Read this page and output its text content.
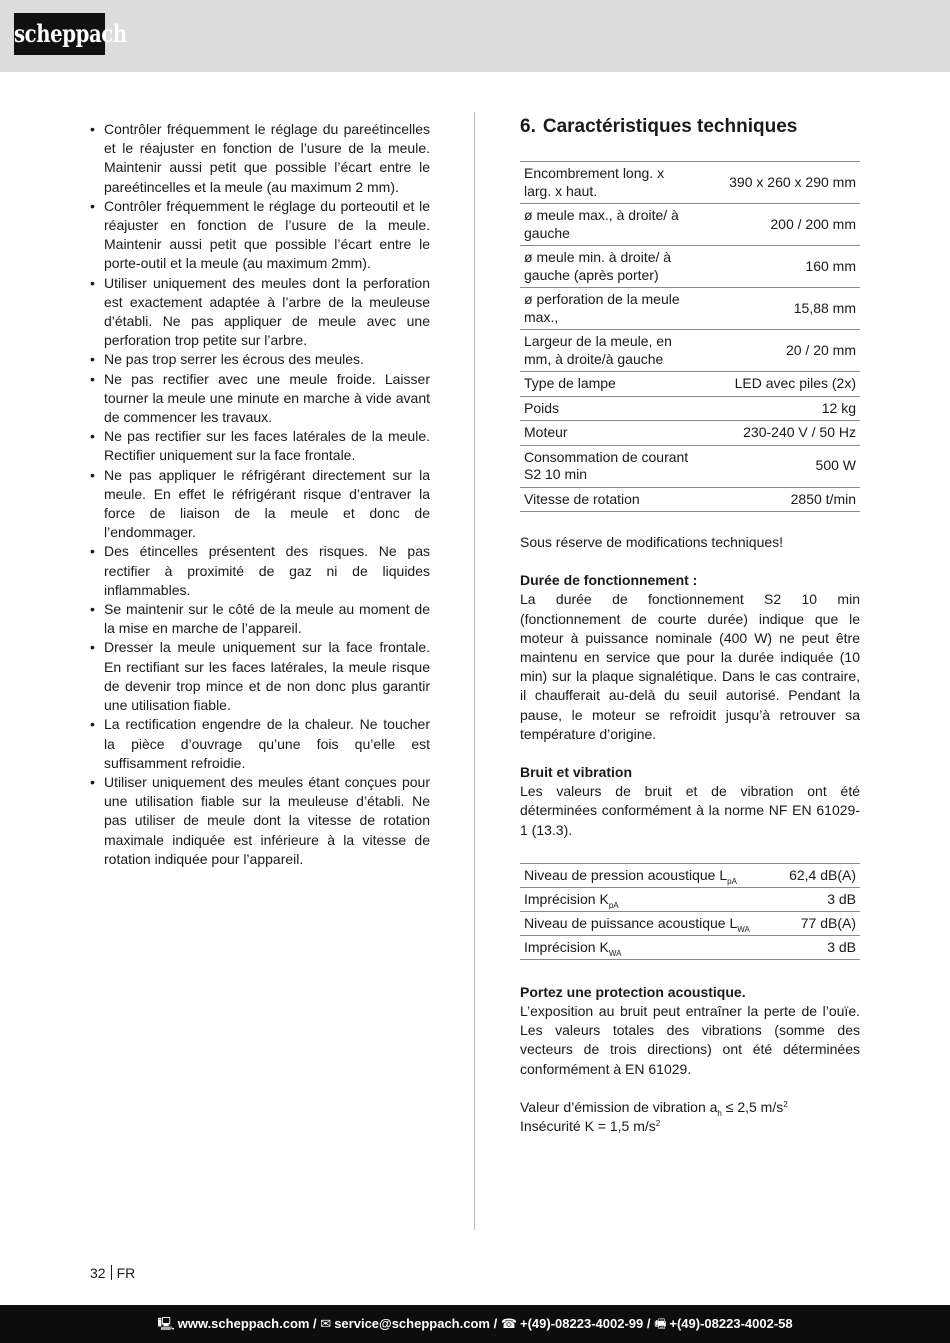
scheppach
• Contrôler fréquemment le réglage du pareétincelles et le réajuster en fonction de l’usure de la meule. Maintenir aussi petit que possible l’écart entre le pareétincelles et la meule (au maximum 2 mm).
• Contrôler fréquemment le réglage du porteoutil et le réajuster en fonction de l’usure de la meule. Maintenir aussi petit que possible l’écart entre le porte-outil et la meule (au maximum 2mm).
• Utiliser uniquement des meules dont la perforation est exactement adaptée à l’arbre de la meuleuse d’établi. Ne pas appliquer de meule avec une perforation trop petite sur l’arbre.
• Ne pas trop serrer les écrous des meules.
• Ne pas rectifier avec une meule froide. Laisser tourner la meule une minute en marche à vide avant de commencer les travaux.
• Ne pas rectifier sur les faces latérales de la meule. Rectifier uniquement sur la face frontale.
• Ne pas appliquer le réfrigérant directement sur la meule. En effet le réfrigérant risque d’entraver la force de liaison de la meule et donc de l’endommager.
• Des étincelles présentent des risques. Ne pas rectifier à proximité de gaz ni de liquides inflammables.
• Se maintenir sur le côté de la meule au moment de la mise en marche de l’appareil.
• Dresser la meule uniquement sur la face frontale. En rectifiant sur les faces latérales, la meule risque de devenir trop mince et de non donc plus garantir une utilisation fiable.
• La rectification engendre de la chaleur. Ne toucher la pièce d’ouvrage qu’une fois qu’elle est suffisamment refroidie.
• Utiliser uniquement des meules étant conçues pour une utilisation fiable sur la meuleuse d’établi. Ne pas utiliser de meule dont la vitesse de rotation maximale indiquée est inférieure à la vitesse de rotation indiquée pour l’appareil.
6. Caractéristiques techniques
Encombrement long. x larg. x haut.	390 x 260 x 290 mm
ø meule max., à droite/ à gauche	200 / 200 mm
ø meule min. à droite/ à gauche (après porter)	160 mm
ø perforation de la meule max.,	15,88 mm
Largeur de la meule, en mm, à droite/à gauche	20 / 20 mm
Type de lampe	LED avec piles (2x)
Poids	12 kg
Moteur	230-240 V / 50 Hz
Consommation de courant S2 10 min	500 W
Vitesse de rotation	2850 t/min

Sous réserve de modifications techniques!

Durée de fonctionnement :

La durée de fonctionnement S2 10 min (fonctionnement de courte durée) indique que le moteur à puissance nominale (400 W) ne peut être maintenu en service que pour la durée indiquée (10 min) sur la plaque signalétique. Dans le cas contraire, il chaufferait au-delà du seuil autorisé. Pendant la pause, le moteur se refroidit jusqu’à retrouver sa température d’origine.

Bruit et vibration

Les valeurs de bruit et de vibration ont été déterminées conformément à la norme NF EN 61029-1 (13.3).

Niveau de pression acoustique $L_{pA}$	62,4 dB(A)
Imprécision $K_{pA}$	3 dB
Niveau de puissance acoustique $L_{WA}$	77 dB(A)
Imprécision $K_{WA}$	3 dB

Portez une protection acoustique.

L’exposition au bruit peut entraîner la perte de l’ouïe. Les valeurs totales des vibrations (somme des vecteurs de trois directions) ont été déterminées conformément à EN 61029.

Valeur d’émission de vibration $a_h \le 2,5$ $m/s^2$

Insécurité K = 1,5 $m/s^2$

32 FR
🖳 www.scheppach.com / ✉ service@scheppach.com / ☎ +(49)-08223-4002-99 / 🖷 +(49)-08223-4002-58
